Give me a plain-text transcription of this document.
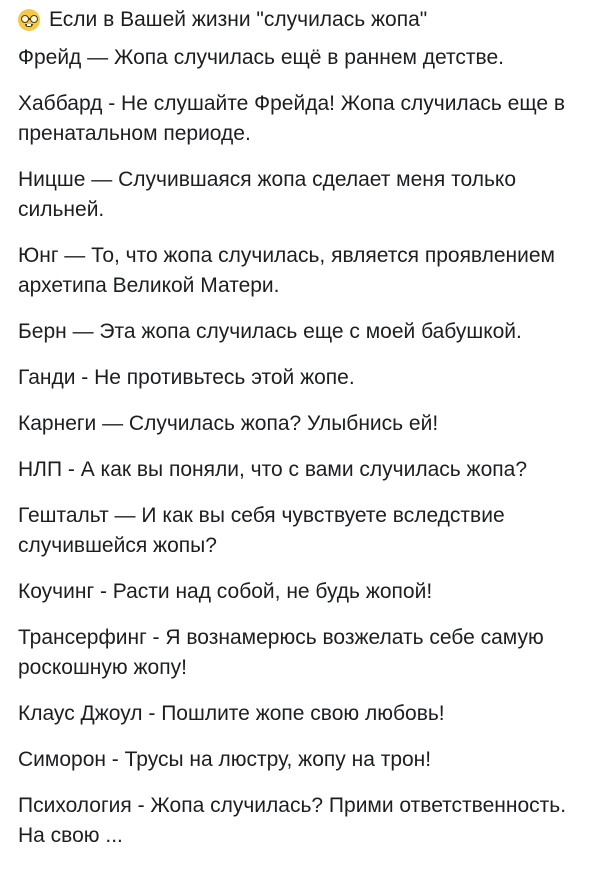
Если в Вашей жизни "случилась жопа"

Фрейд — Жопа случилась ещё в раннем детстве.

Хаббард - Не слушайте Фрейда! Жопа случилась еще в пренатальном периоде.

Ницше — Случившаяся жопа сделает меня только сильней.

Юнг — То, что жопа случилась, является проявлением архетипа Великой Матери.

Берн — Эта жопа случилась еще с моей бабушкой.

Ганди - Не противьтесь этой жопе.

Карнеги — Случилась жопа? Улыбнись ей!

НЛП - А как вы поняли, что с вами случилась жопа?

Гештальт — И как вы себя чувствуете вследствие случившейся жопы?

Коучинг - Расти над собой, не будь жопой!

Трансерфинг - Я вознамерюсь возжелать себе самую роскошную жопу!

Клаус Джоул - Пошлите жопе свою любовь!

Симорон - Трусы на люстру, жопу на трон!

Психология - Жопа случилась? Прими ответственность. На свою ...
